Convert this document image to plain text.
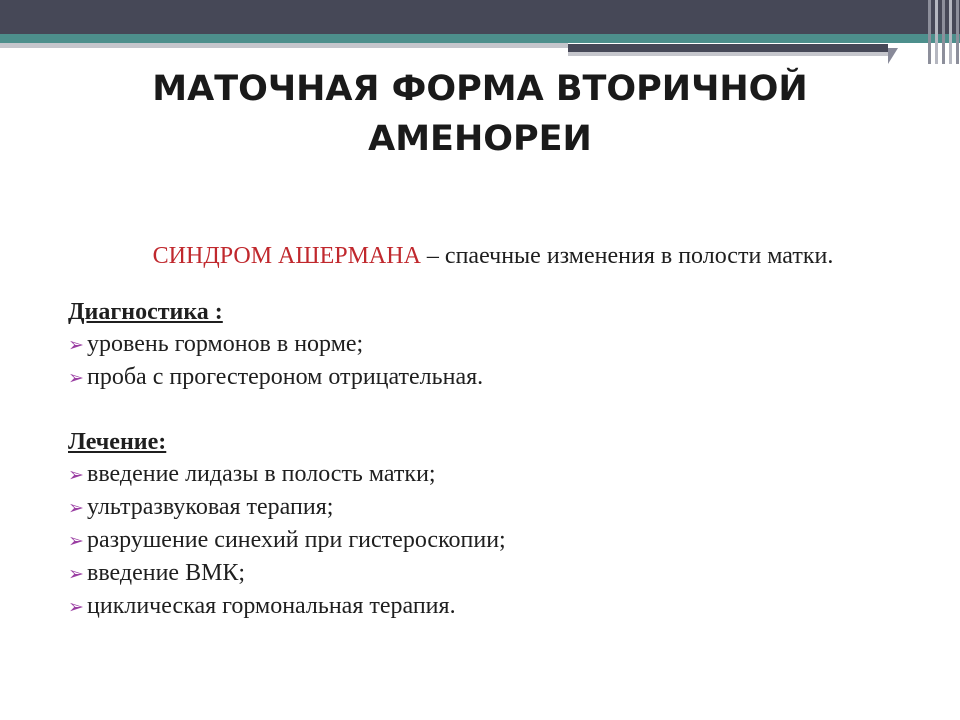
МАТОЧНАЯ ФОРМА ВТОРИЧНОЙ
АМЕНОРЕИ

СИНДРОМ АШЕРМАНА – спаечные изменения в полости матки.

Диагностика :

➢ уровень гормонов в норме;
➢ проба с прогестероном отрицательная.

Лечение:

➢ введение лидазы в полость матки;
➢ ультразвуковая терапия;
➢ разрушение синехий при гистероскопии;
➢ введение ВМК;
➢ циклическая гормональная терапия.
